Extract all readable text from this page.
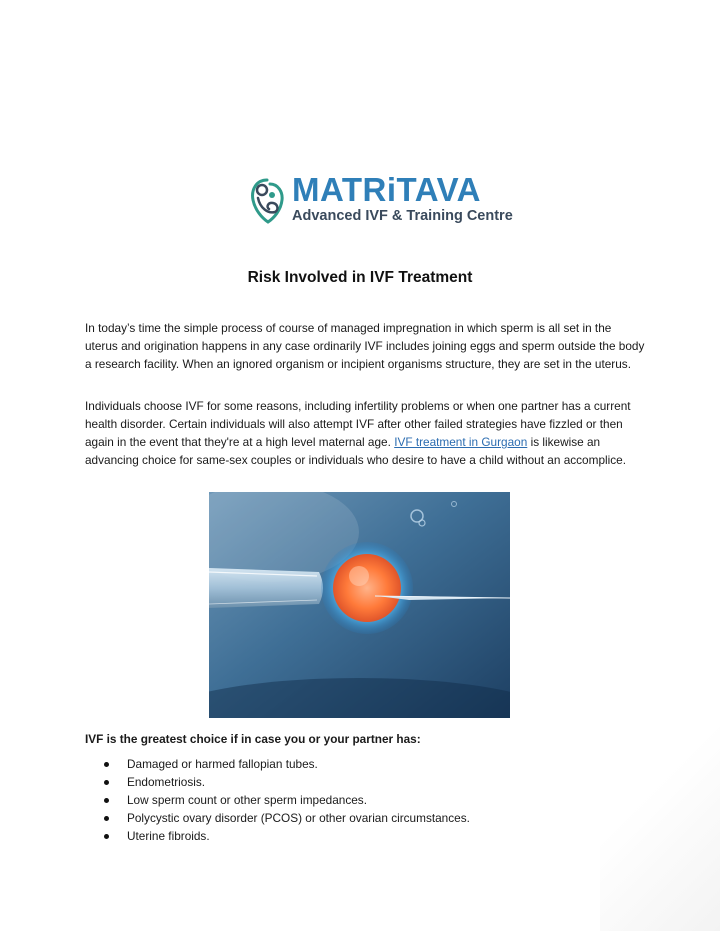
MATRiTAVA
Advanced IVF & Training Centre
Risk Involved in IVF Treatment
In today’s time the simple process of course of managed impregnation in which sperm is all set in the uterus and origination happens in any case ordinarily IVF includes joining eggs and sperm outside the body a research facility. When an ignored organism or incipient organisms structure, they are set in the uterus.
Individuals choose IVF for some reasons, including infertility problems or when one partner has a current health disorder. Certain individuals will also attempt IVF after other failed strategies have fizzled or then again in the event that they're at a high level maternal age. IVF treatment in Gurgaon is likewise an advancing choice for same-sex couples or individuals who desire to have a child without an accomplice.
IVF is the greatest choice if in case you or your partner has:
Damaged or harmed fallopian tubes.
Endometriosis.
Low sperm count or other sperm impedances.
Polycystic ovary disorder (PCOS) or other ovarian circumstances.
Uterine fibroids.
